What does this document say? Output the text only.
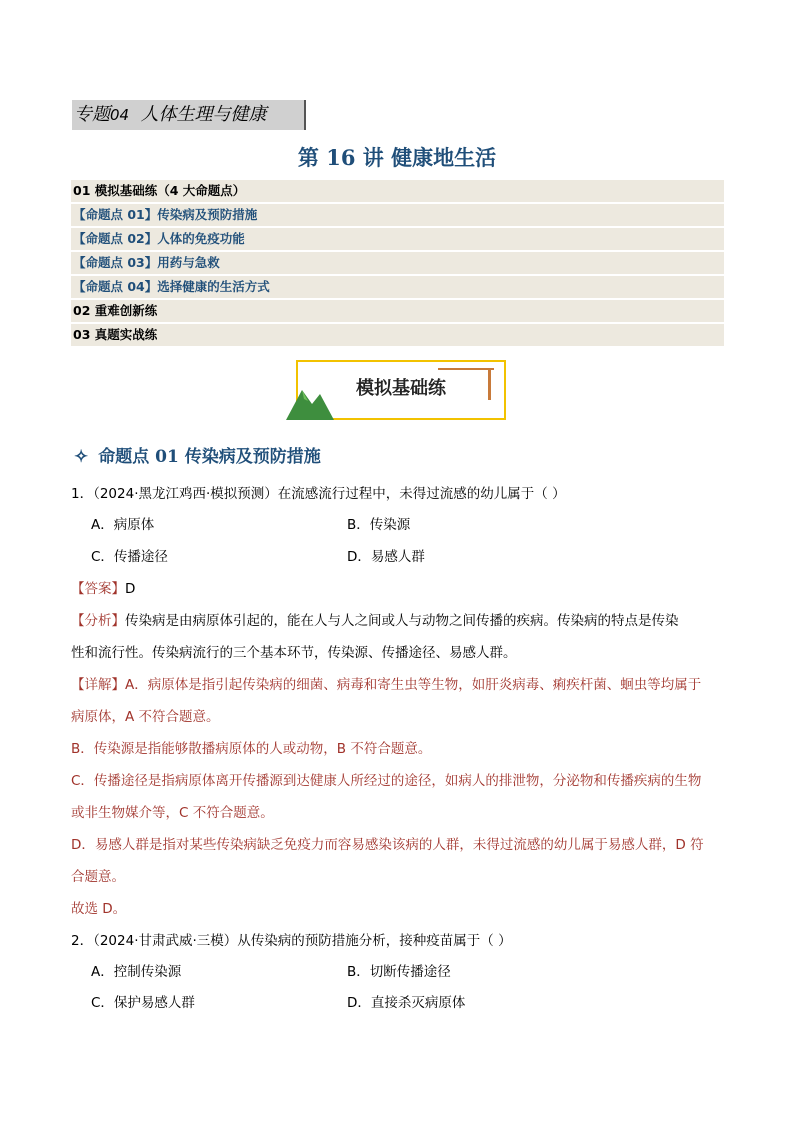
专题04 人体生理与健康
第 16 讲 健康地生活
01 模拟基础练（4 大命题点）
【命题点 01】传染病及预防措施
【命题点 02】人体的免疫功能
【命题点 03】用药与急救
【命题点 04】选择健康的生活方式
02 重难创新练
03 真题实战练
模拟基础练
✧ 命题点 01 传染病及预防措施
1．（2024·黑龙江鸡西·模拟预测）在流感流行过程中，未得过流感的幼儿属于（ ）
A．病原体	B．传染源
C．传播途径	D．易感人群
【答案】D
【分析】传染病是由病原体引起的，能在人与人之间或人与动物之间传播的疾病。传染病的特点是传染
性和流行性。传染病流行的三个基本环节，传染源、传播途径、易感人群。
【详解】A．病原体是指引起传染病的细菌、病毒和寄生虫等生物，如肝炎病毒、痢疾杆菌、蛔虫等均属于
病原体，A 不符合题意。
B．传染源是指能够散播病原体的人或动物，B 不符合题意。
C．传播途径是指病原体离开传播源到达健康人所经过的途径，如病人的排泄物，分泌物和传播疾病的生物
或非生物媒介等，C 不符合题意。
D．易感人群是指对某些传染病缺乏免疫力而容易感染该病的人群，未得过流感的幼儿属于易感人群，D 符
合题意。
故选 D。
2．（2024·甘肃武威·三模）从传染病的预防措施分析，接种疫苗属于（ ）
A．控制传染源	B．切断传播途径
C．保护易感人群	D．直接杀灭病原体
